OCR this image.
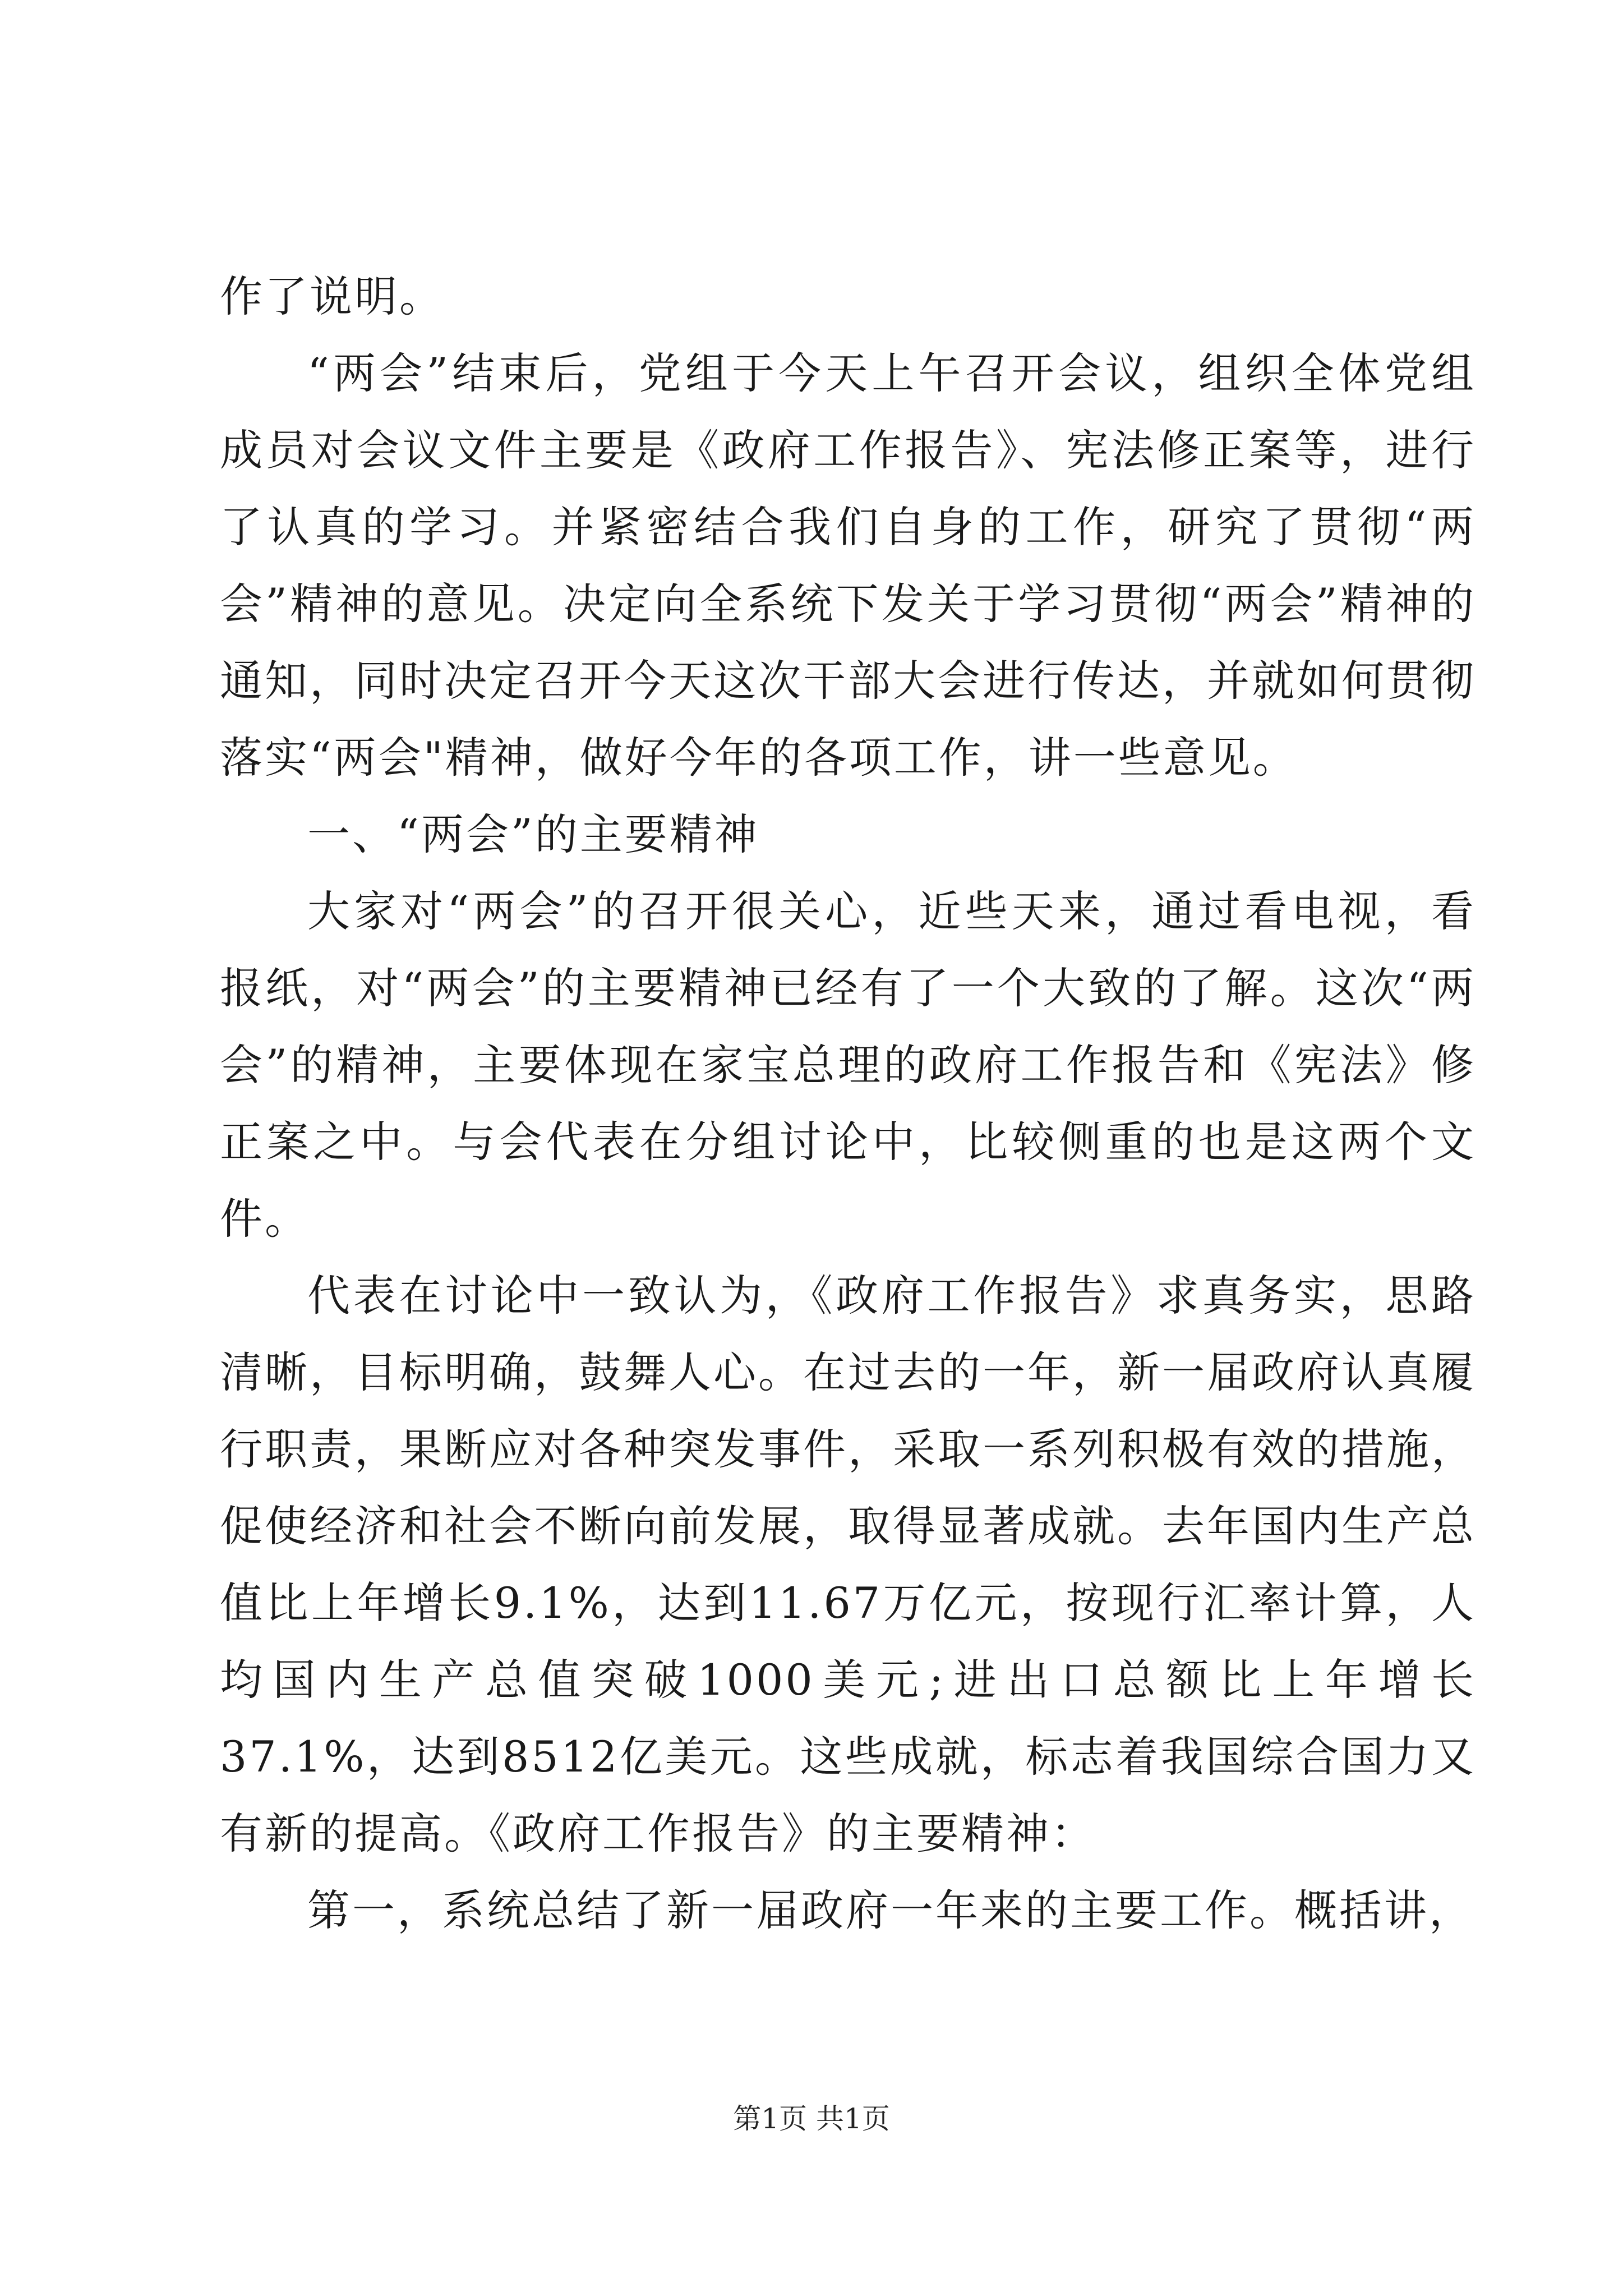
作了说明。

“两会”结束后，党组于今天上午召开会议，组织全体党组成员对会议文件主要是《政府工作报告》、宪法修正案等，进行了认真的学习。并紧密结合我们自身的工作，研究了贯彻“两会”精神的意见。决定向全系统下发关于学习贯彻“两会”精神的通知，同时决定召开今天这次干部大会进行传达，并就如何贯彻落实“两会"精神，做好今年的各项工作，讲一些意见。

一、“两会”的主要精神

大家对“两会”的召开很关心，近些天来，通过看电视，看报纸，对“两会”的主要精神已经有了一个大致的了解。这次“两会”的精神，主要体现在家宝总理的政府工作报告和《宪法》修正案之中。与会代表在分组讨论中，比较侧重的也是这两个文件。

代表在讨论中一致认为，《政府工作报告》求真务实，思路清晰，目标明确，鼓舞人心。在过去的一年，新一届政府认真履行职责，果断应对各种突发事件，采取一系列积极有效的措施，促使经济和社会不断向前发展，取得显著成就。去年国内生产总值比上年增长9.1%，达到11.67万亿元，按现行汇率计算，人均国内生产总值突破1000美元;进出口总额比上年增长37.1%，达到8512亿美元。这些成就，标志着我国综合国力又有新的提高。《政府工作报告》的主要精神：

第一，系统总结了新一届政府一年来的主要工作。概括讲，

第1页 共1页
